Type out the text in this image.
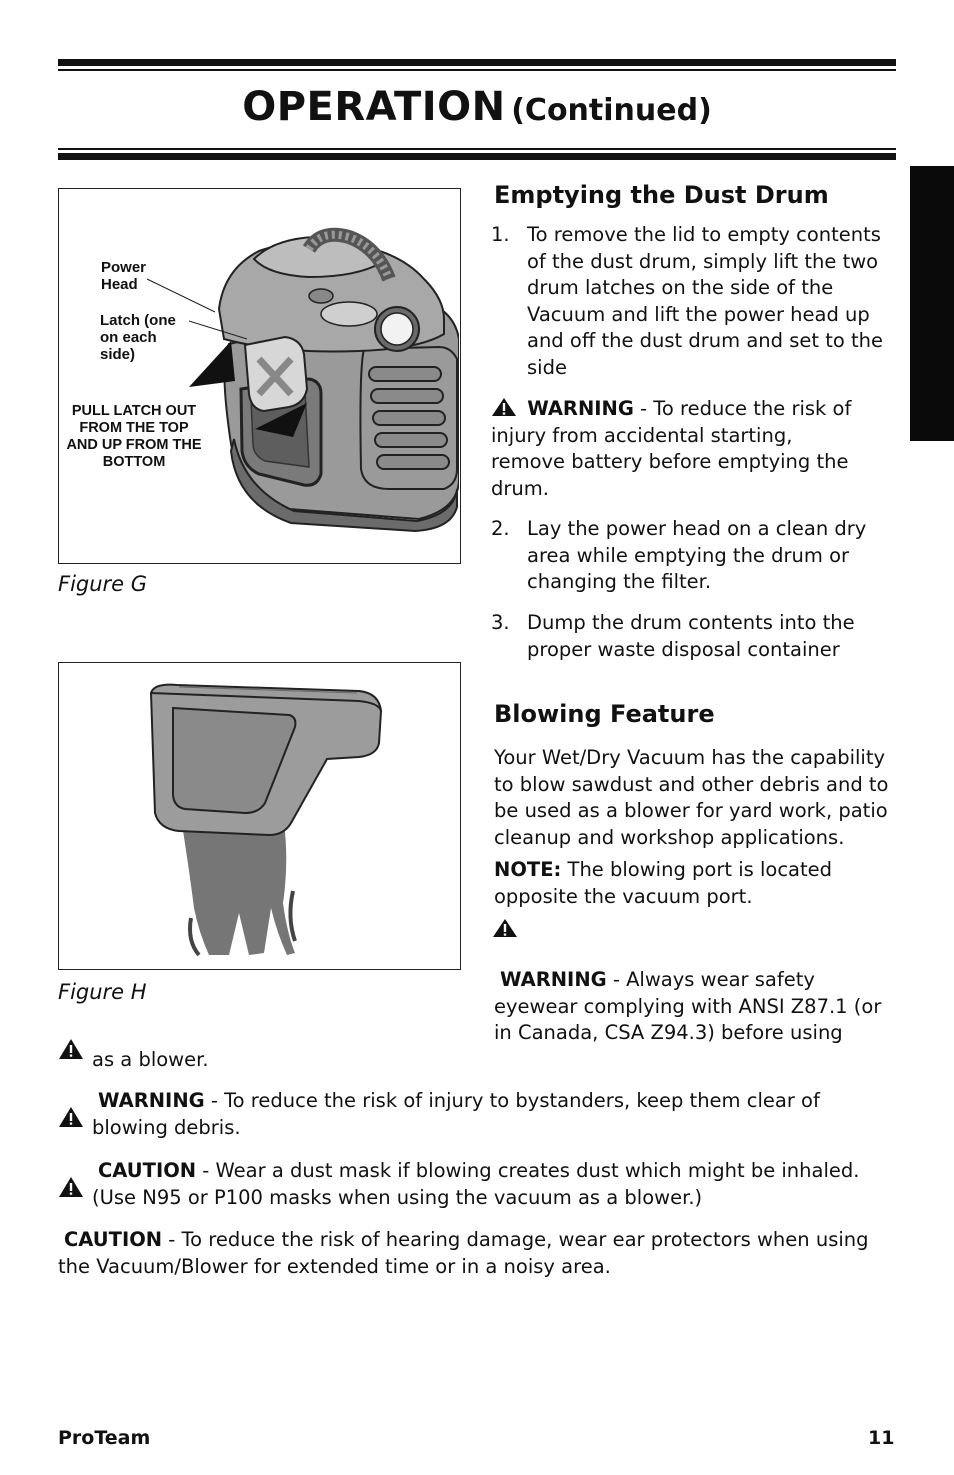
OPERATION (Continued)
Power Head
Latch (one on each side)
PULL LATCH OUT FROM THE TOP AND UP FROM THE BOTTOM
Figure G
Figure H
Emptying the Dust Drum
1. To remove the lid to empty contents of the dust drum, simply lift the two drum latches on the side of the Vacuum and lift the power head up and off the dust drum and set to the side
WARNING - To reduce the risk of injury from accidental starting, remove battery before emptying the drum.
2. Lay the power head on a clean dry area while emptying the drum or changing the filter.
3. Dump the drum contents into the proper waste disposal container
Blowing Feature
Your Wet/Dry Vacuum has the capability to blow sawdust and other debris and to be used as a blower for yard work, patio cleanup and workshop applications.
NOTE: The blowing port is located opposite the vacuum port.
WARNING - Always wear safety eyewear complying with ANSI Z87.1 (or in Canada, CSA Z94.3) before using
as a blower.
WARNING - To reduce the risk of injury to bystanders, keep them clear of
blowing debris.
CAUTION - Wear a dust mask if blowing creates dust which might be inhaled.
(Use N95 or P100 masks when using the vacuum as a blower.)
CAUTION - To reduce the risk of hearing damage, wear ear protectors when using the Vacuum/Blower for extended time or in a noisy area.
ProTeam	11
